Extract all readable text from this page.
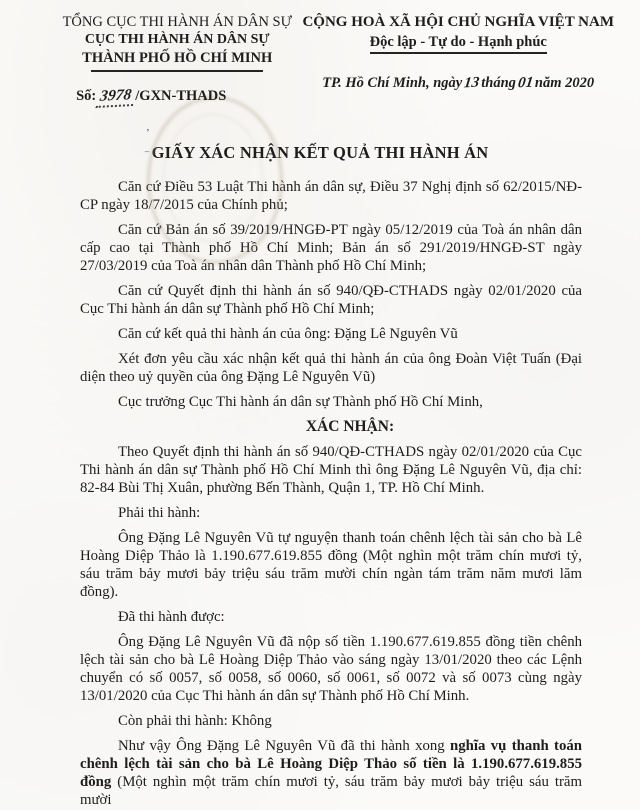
’
TỔNG CỤC THI HÀNH ÁN DÂN SỰ
CỤC THI HÀNH ÁN DÂN SỰ
THÀNH PHỐ HỒ CHÍ MINH
Số: 3978 /GXN-THADS
CỘNG HOÀ XÃ HỘI CHỦ NGHĨA VIỆT NAM
Độc lập - Tự do - Hạnh phúc
TP. Hồ Chí Minh, ngày13tháng01năm 2020
GIẤY XÁC NHẬN KẾT QUẢ THI HÀNH ÁN

Căn cứ Điều 53 Luật Thi hành án dân sự, Điều 37 Nghị định số 62/2015/NĐ-CP ngày 18/7/2015 của Chính phủ;

Căn cứ Bản án số 39/2019/HNGĐ-PT ngày 05/12/2019 của Toà án nhân dân cấp cao tại Thành phố Hồ Chí Minh; Bản án số 291/2019/HNGĐ-ST ngày 27/03/2019 của Toà án nhân dân Thành phố Hồ Chí Minh;

Căn cứ Quyết định thi hành án số 940/QĐ-CTHADS ngày 02/01/2020 của Cục Thi hành án dân sự Thành phố Hồ Chí Minh;

Căn cứ kết quả thi hành án của ông: Đặng Lê Nguyên Vũ

Xét đơn yêu cầu xác nhận kết quả thi hành án của ông Đoàn Việt Tuấn (Đại diện theo uỷ quyền của ông Đặng Lê Nguyên Vũ)

Cục trưởng Cục Thi hành án dân sự Thành phố Hồ Chí Minh,

XÁC NHẬN:

Theo Quyết định thi hành án số 940/QĐ-CTHADS ngày 02/01/2020 của Cục Thi hành án dân sự Thành phố Hồ Chí Minh thì ông Đặng Lê Nguyên Vũ, địa chỉ: 82-84 Bùi Thị Xuân, phường Bến Thành, Quận 1, TP. Hồ Chí Minh.

Phải thi hành:

Ông Đặng Lê Nguyên Vũ tự nguyện thanh toán chênh lệch tài sản cho bà Lê Hoàng Diệp Thảo là 1.190.677.619.855 đồng (Một nghìn một trăm chín mươi tỷ, sáu trăm bảy mươi bảy triệu sáu trăm mười chín ngàn tám trăm năm mươi lăm đồng).

Đã thi hành được:

Ông Đặng Lê Nguyên Vũ đã nộp số tiền 1.190.677.619.855 đồng tiền chênh lệch tài sản cho bà Lê Hoàng Diệp Thảo vào sáng ngày 13/01/2020 theo các Lệnh chuyển có số 0057, số 0058, số 0060, số 0061, số 0072 và số 0073 cùng ngày 13/01/2020 của Cục Thi hành án dân sự Thành phố Hồ Chí Minh.

Còn phải thi hành: Không

Như vậy Ông Đặng Lê Nguyên Vũ đã thi hành xong nghĩa vụ thanh toán chênh lệch tài sản cho bà Lê Hoàng Diệp Thảo số tiền là 1.190.677.619.855 đồng (Một nghìn một trăm chín mươi tỷ, sáu trăm bảy mươi bảy triệu sáu trăm mười
